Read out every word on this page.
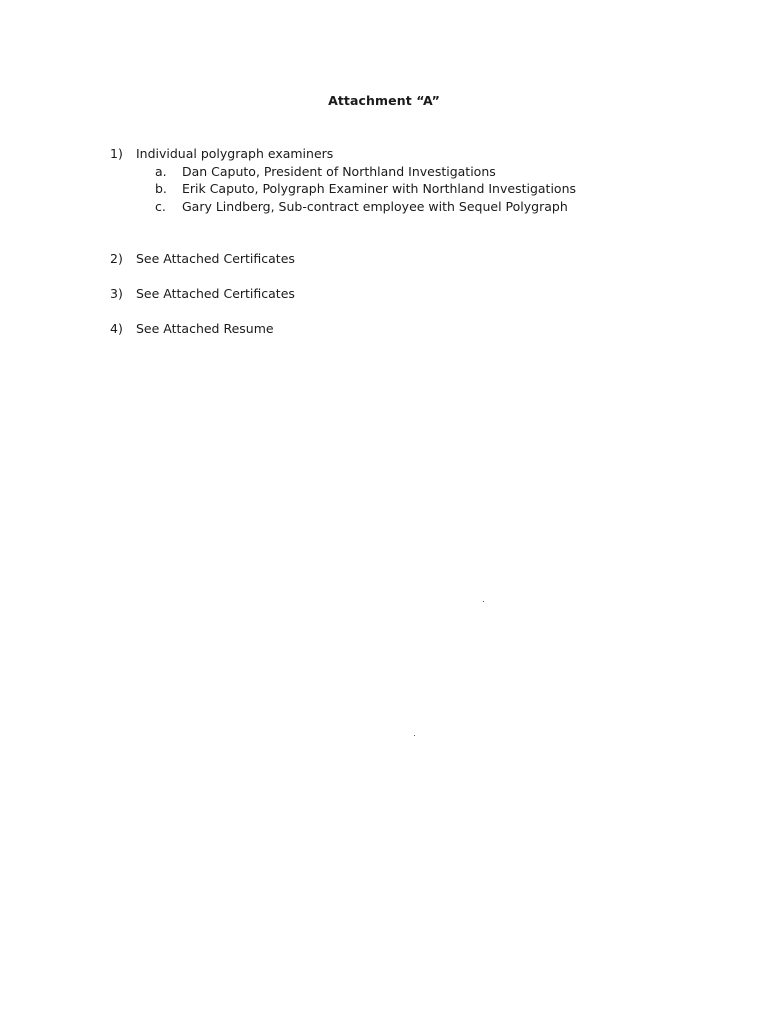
Attachment “A”
1) Individual polygraph examiners
a. Dan Caputo, President of Northland Investigations
b. Erik Caputo, Polygraph Examiner with Northland Investigations
c. Gary Lindberg, Sub-contract employee with Sequel Polygraph
2) See Attached Certificates
3) See Attached Certificates
4) See Attached Resume
